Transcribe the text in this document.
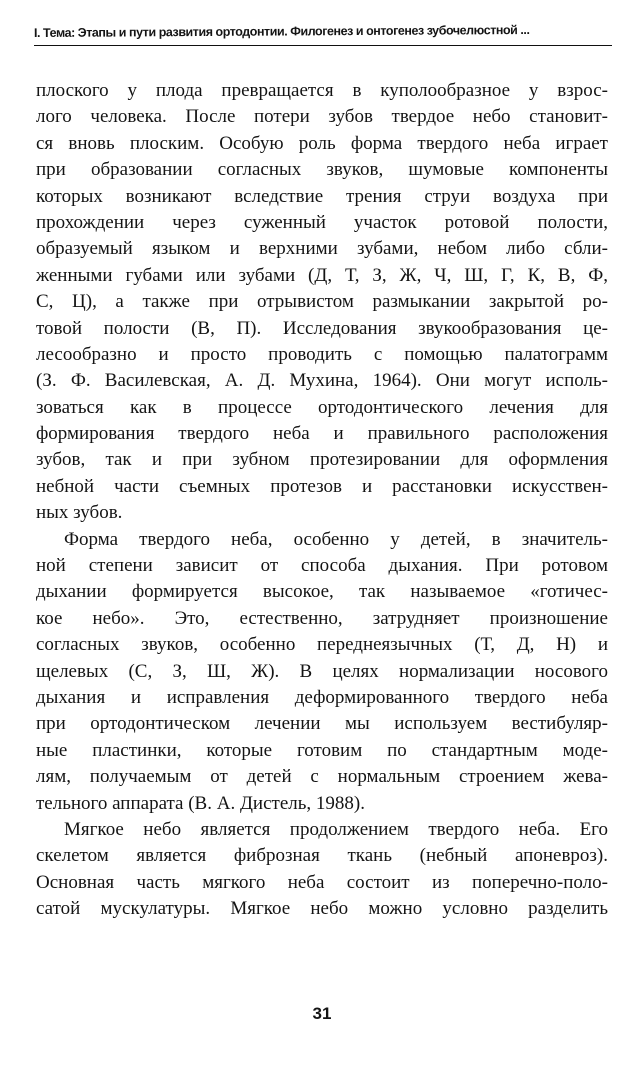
I. Тема: Этапы и пути развития ортодонтии. Филогенез и онтогенез зубочелюстной ...
плоского у плода превращается в куполообразное у взрос-
лого человека. После потери зубов твердое небо становит-
ся вновь плоским. Особую роль форма твердого неба играет
при образовании согласных звуков, шумовые компоненты
которых возникают вследствие трения струи воздуха при
прохождении через суженный участок ротовой полости,
образуемый языком и верхними зубами, небом либо сбли-
женными губами или зубами (Д, Т, З, Ж, Ч, Ш, Г, К, В, Ф,
С, Ц), а также при отрывистом размыкании закрытой ро-
товой полости (В, П). Исследования звукообразования це-
лесообразно и просто проводить с помощью палатограмм
(З. Ф. Василевская, А. Д. Мухина, 1964). Они могут исполь-
зоваться как в процессе ортодонтического лечения для
формирования твердого неба и правильного расположения
зубов, так и при зубном протезировании для оформления
небной части съемных протезов и расстановки искусствен-
ных зубов.
Форма твердого неба, особенно у детей, в значитель-
ной степени зависит от способа дыхания. При ротовом
дыхании формируется высокое, так называемое «готичес-
кое небо». Это, естественно, затрудняет произношение
согласных звуков, особенно переднеязычных (Т, Д, Н) и
щелевых (С, З, Ш, Ж). В целях нормализации носового
дыхания и исправления деформированного твердого неба
при ортодонтическом лечении мы используем вестибуляр-
ные пластинки, которые готовим по стандартным моде-
лям, получаемым от детей с нормальным строением жева-
тельного аппарата (В. А. Дистель, 1988).
Мягкое небо является продолжением твердого неба. Его
скелетом является фиброзная ткань (небный апоневроз).
Основная часть мягкого неба состоит из поперечно-поло-
сатой мускулатуры. Мягкое небо можно условно разделить
31
